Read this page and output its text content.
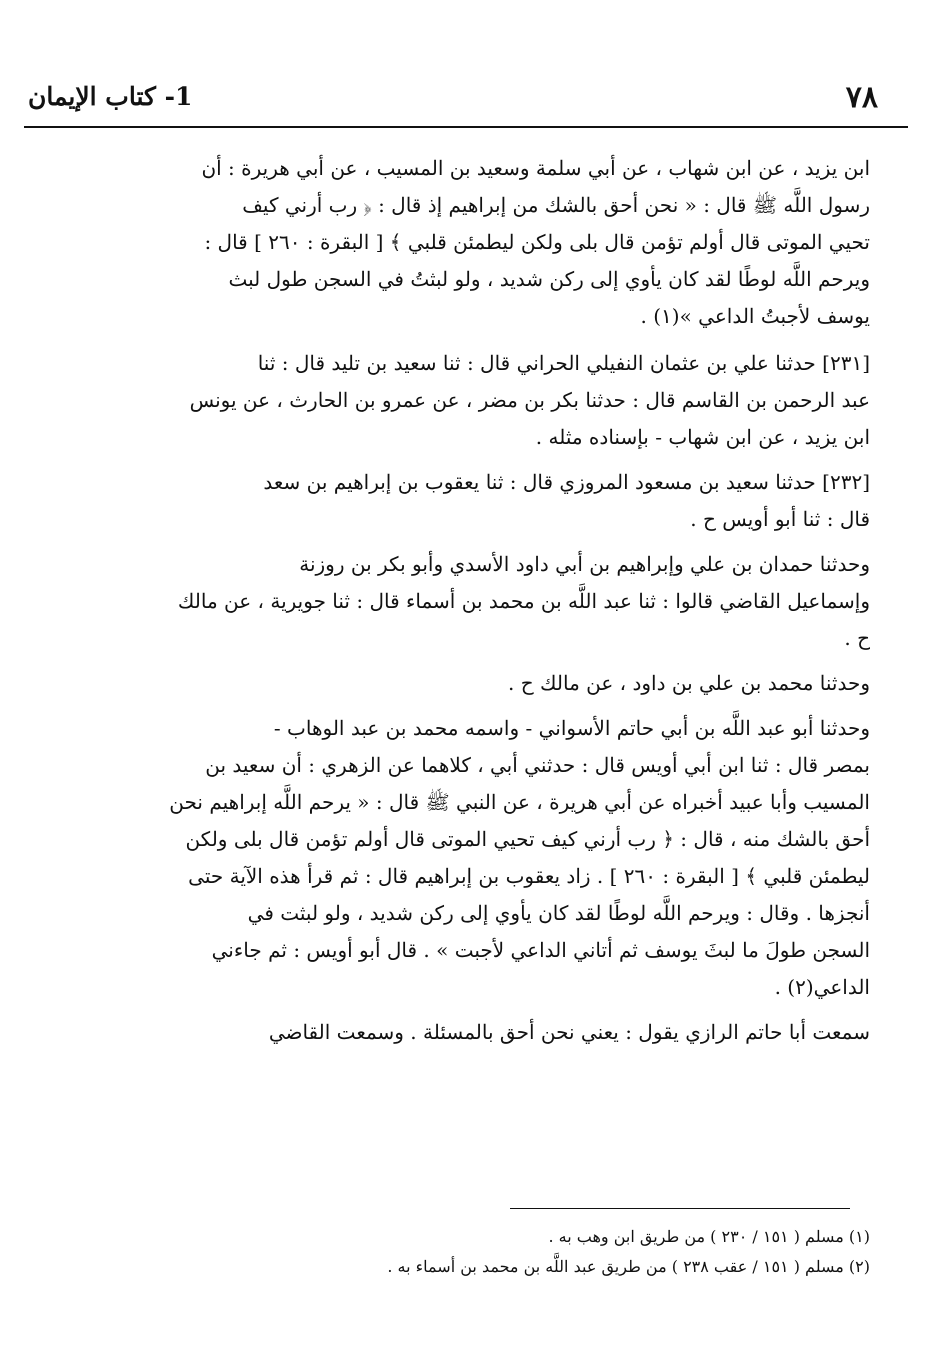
٧٨
1- كتاب الإيمان
ابن يزيد ، عن ابن شهاب ، عن أبي سلمة وسعيد بن المسيب ، عن أبي هريرة : أن
رسول اللَّه ﷺ قال : « نحن أحق بالشك من إبراهيم إذ قال : ﴿ رب أرني كيف
تحيي الموتى قال أولم تؤمن قال بلى ولكن ليطمئن قلبي ﴾ [ البقرة : ٢٦٠ ] قال :
ويرحم اللَّه لوطًا لقد كان يأوي إلى ركن شديد ، ولو لبثتُ في السجن طول لبث
يوسف لأجبتُ الداعي »(١) .
[٢٣١] حدثنا علي بن عثمان النفيلي الحراني قال : ثنا سعيد بن تليد قال : ثنا
عبد الرحمن بن القاسم قال : حدثنا بكر بن مضر ، عن عمرو بن الحارث ، عن يونس
ابن يزيد ، عن ابن شهاب - بإسناده مثله .
[٢٣٢] حدثنا سعيد بن مسعود المروزي قال : ثنا يعقوب بن إبراهيم بن سعد
قال : ثنا أبو أويس ح .
وحدثنا حمدان بن علي وإبراهيم بن أبي داود الأسدي وأبو بكر بن روزنة
وإسماعيل القاضي قالوا : ثنا عبد اللَّه بن محمد بن أسماء قال : ثنا جويرية ، عن مالك
ح .
وحدثنا محمد بن علي بن داود ، عن مالك ح .
وحدثنا أبو عبد اللَّه بن أبي حاتم الأسواني - واسمه محمد بن عبد الوهاب -
بمصر قال : ثنا ابن أبي أويس قال : حدثني أبي ، كلاهما عن الزهري : أن سعيد بن
المسيب وأبا عبيد أخبراه عن أبي هريرة ، عن النبي ﷺ قال : « يرحم اللَّه إبراهيم نحن
أحق بالشك منه ، قال : ﴿ رب أرني كيف تحيي الموتى قال أولم تؤمن قال بلى ولكن
ليطمئن قلبي ﴾ [ البقرة : ٢٦٠ ] . زاد يعقوب بن إبراهيم قال : ثم قرأ هذه الآية حتى
أنجزها . وقال : ويرحم اللَّه لوطًا لقد كان يأوي إلى ركن شديد ، ولو لبثت في
السجن طولَ ما لبثَ يوسف ثم أتاني الداعي لأجبت » . قال أبو أويس : ثم جاءني
الداعي(٢) .
سمعت أبا حاتم الرازي يقول : يعني نحن أحق بالمسئلة . وسمعت القاضي
(١) مسلم ( ١٥١ / ٢٣٠ ) من طريق ابن وهب به .
(٢) مسلم ( ١٥١ / عقب ٢٣٨ ) من طريق عبد اللَّه بن محمد بن أسماء به .
